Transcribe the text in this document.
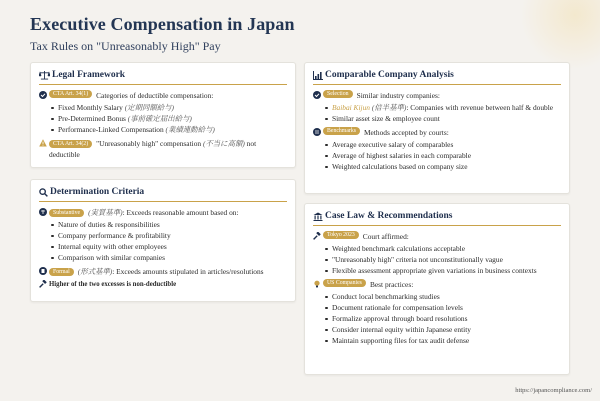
Executive Compensation in Japan
Tax Rules on "Unreasonably High" Pay
Legal Framework
CTA Art. 34(1)	Categories of deductible compensation:
Fixed Monthly Salary (定期同額給与)
Pre-Determined Bonus (事前確定届出給与)
Performance-Linked Compensation (業績連動給与)
CTA Art. 34(2) "Unreasonably high" compensation (不当に高額) not deductible
Determination Criteria
Substantive (実質基準): Exceeds reasonable amount based on:
Nature of duties & responsibilities
Company performance & profitability
Internal equity with other employees
Comparison with similar companies
Formal (形式基準): Exceeds amounts stipulated in articles/resolutions
Higher of the two excesses is non-deductible
Comparable Company Analysis
Selection	Similar industry companies:
Baibai Kijun (倍半基準): Companies with revenue between half & double
Similar asset size & employee count
Benchmarks	Methods accepted by courts:
Average executive salary of comparables
Average of highest salaries in each comparable
Weighted calculations based on company size
Case Law & Recommendations
Tokyo 2023	Court affirmed:
Weighted benchmark calculations acceptable
"Unreasonably high" criteria not unconstitutionally vague
Flexible assessment appropriate given variations in business contexts
US Companies	Best practices:
Conduct local benchmarking studies
Document rationale for compensation levels
Formalize approval through board resolutions
Consider internal equity within Japanese entity
Maintain supporting files for tax audit defense
https://japancompliance.com/
